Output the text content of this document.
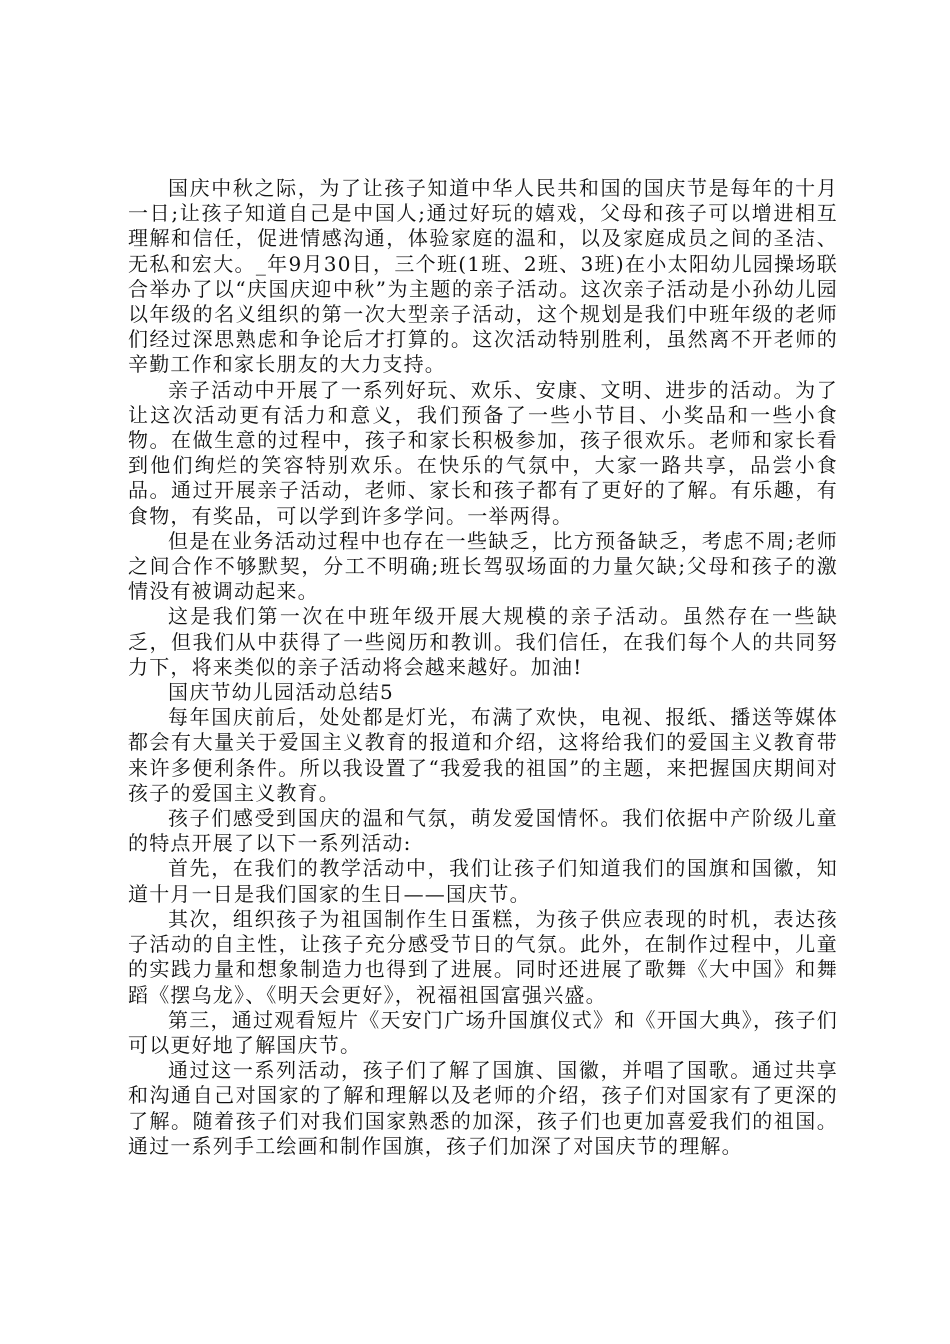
国庆中秋之际，为了让孩子知道中华人民共和国的国庆节是每年的十月一日;让孩子知道自己是中国人;通过好玩的嬉戏，父母和孩子可以增进相互理解和信任，促进情感沟通，体验家庭的温和，以及家庭成员之间的圣洁、无私和宏大。_年9月30日，三个班(1班、2班、3班)在小太阳幼儿园操场联合举办了以“庆国庆迎中秋”为主题的亲子活动。这次亲子活动是小孙幼儿园以年级的名义组织的第一次大型亲子活动，这个规划是我们中班年级的老师们经过深思熟虑和争论后才打算的。这次活动特别胜利，虽然离不开老师的辛勤工作和家长朋友的大力支持。

亲子活动中开展了一系列好玩、欢乐、安康、文明、进步的活动。为了让这次活动更有活力和意义，我们预备了一些小节目、小奖品和一些小食物。在做生意的过程中，孩子和家长积极参加，孩子很欢乐。老师和家长看到他们绚烂的笑容特别欢乐。在快乐的气氛中，大家一路共享，品尝小食品。通过开展亲子活动，老师、家长和孩子都有了更好的了解。有乐趣，有食物，有奖品，可以学到许多学问。一举两得。

但是在业务活动过程中也存在一些缺乏，比方预备缺乏，考虑不周;老师之间合作不够默契，分工不明确;班长驾驭场面的力量欠缺;父母和孩子的激情没有被调动起来。

这是我们第一次在中班年级开展大规模的亲子活动。虽然存在一些缺乏，但我们从中获得了一些阅历和教训。我们信任，在我们每个人的共同努力下，将来类似的亲子活动将会越来越好。加油!

国庆节幼儿园活动总结5

每年国庆前后，处处都是灯光，布满了欢快，电视、报纸、播送等媒体都会有大量关于爱国主义教育的报道和介绍，这将给我们的爱国主义教育带来许多便利条件。所以我设置了“我爱我的祖国”的主题，来把握国庆期间对孩子的爱国主义教育。

孩子们感受到国庆的温和气氛，萌发爱国情怀。我们依据中产阶级儿童的特点开展了以下一系列活动:

首先，在我们的教学活动中，我们让孩子们知道我们的国旗和国徽，知道十月一日是我们国家的生日——国庆节。

其次，组织孩子为祖国制作生日蛋糕，为孩子供应表现的时机，表达孩子活动的自主性，让孩子充分感受节日的气氛。此外，在制作过程中，儿童的实践力量和想象制造力也得到了进展。同时还进展了歌舞《大中国》和舞蹈《摆乌龙》、《明天会更好》，祝福祖国富强兴盛。

第三，通过观看短片《天安门广场升国旗仪式》和《开国大典》，孩子们可以更好地了解国庆节。

通过这一系列活动，孩子们了解了国旗、国徽，并唱了国歌。通过共享和沟通自己对国家的了解和理解以及老师的介绍，孩子们对国家有了更深的了解。随着孩子们对我们国家熟悉的加深，孩子们也更加喜爱我们的祖国。通过一系列手工绘画和制作国旗，孩子们加深了对国庆节的理解。
